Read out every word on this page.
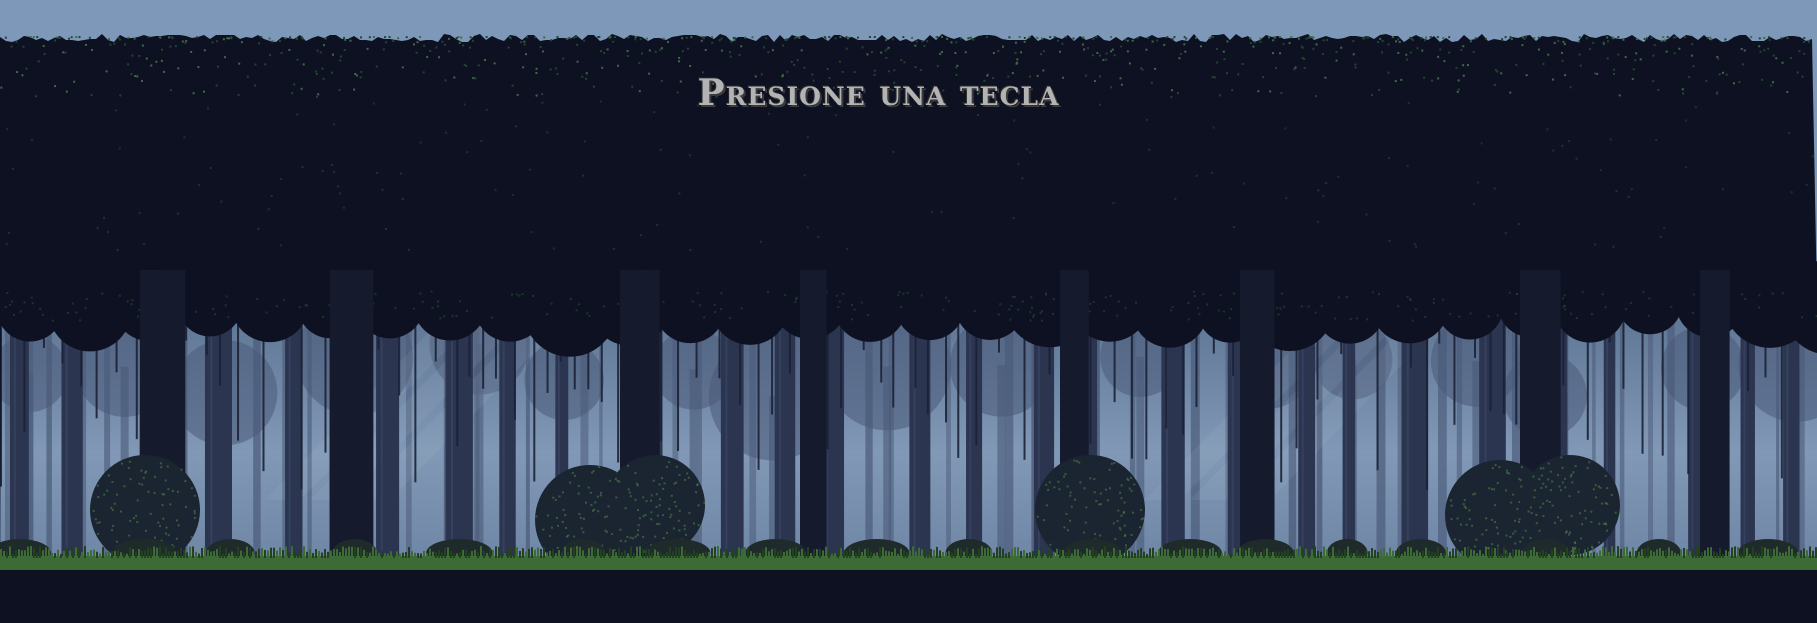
Presione una tecla
